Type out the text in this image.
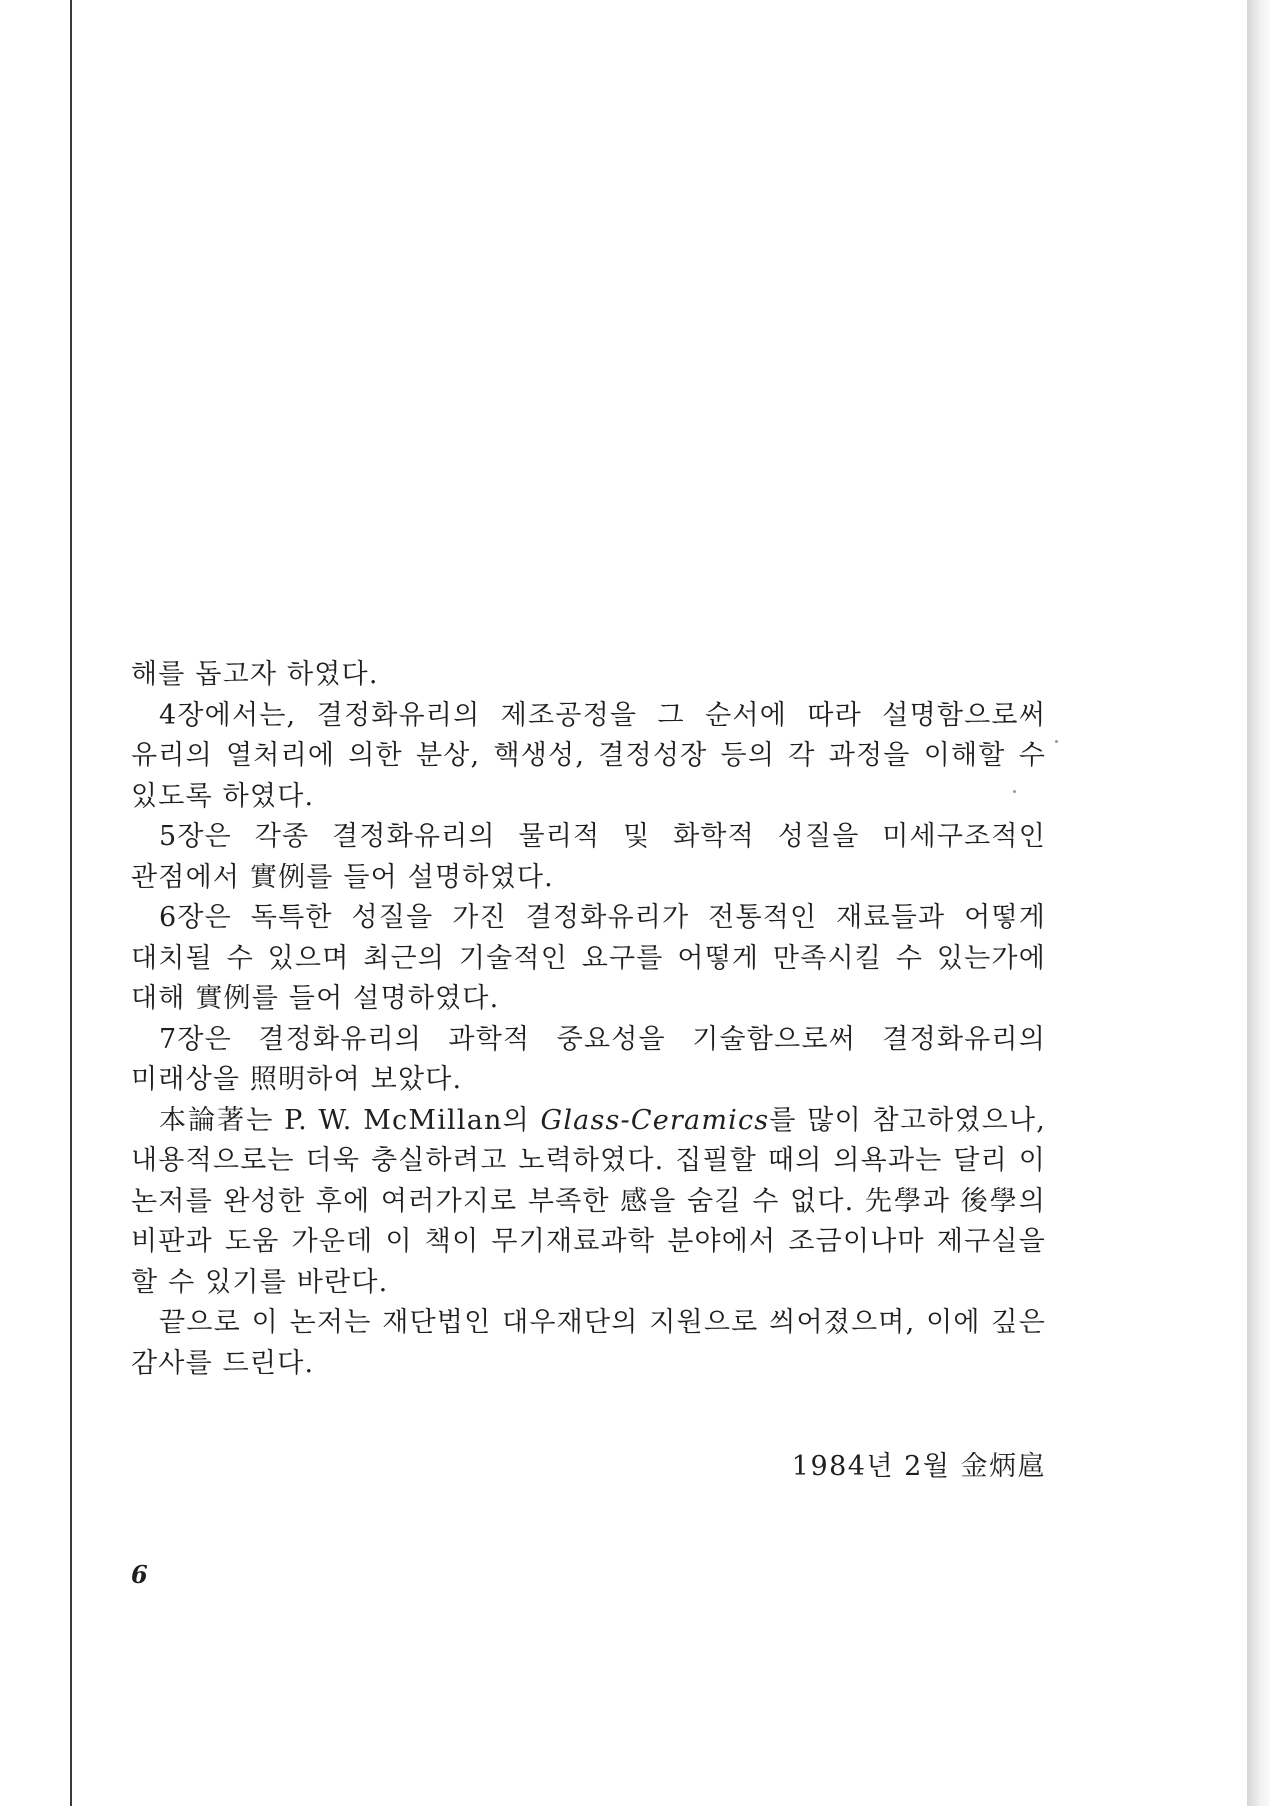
해를 돕고자 하였다.

4장에서는, 결정화유리의 제조공정을 그 순서에 따라 설명함으로써 유리의 열처리에 의한 분상, 핵생성, 결정성장 등의 각 과정을 이해할 수 있도록 하였다.

5장은 각종 결정화유리의 물리적 및 화학적 성질을 미세구조적인 관점에서 實例를 들어 설명하였다.

6장은 독특한 성질을 가진 결정화유리가 전통적인 재료들과 어떻게 대치될 수 있으며 최근의 기술적인 요구를 어떻게 만족시킬 수 있는가에 대해 實例를 들어 설명하였다.

7장은 결정화유리의 과학적 중요성을 기술함으로써 결정화유리의 미래상을 照明하여 보았다.

本論著는 P. W. McMillan의 Glass-Ceramics를 많이 참고하였으나, 내용적으로는 더욱 충실하려고 노력하였다. 집필할 때의 의욕과는 달리 이 논저를 완성한 후에 여러가지로 부족한 感을 숨길 수 없다. 先學과 後學의 비판과 도움 가운데 이 책이 무기재료과학 분야에서 조금이나마 제구실을 할 수 있기를 바란다.

끝으로 이 논저는 재단법인 대우재단의 지원으로 씌어졌으며, 이에 깊은 감사를 드린다.

1984년 2월 金炳扈
6
